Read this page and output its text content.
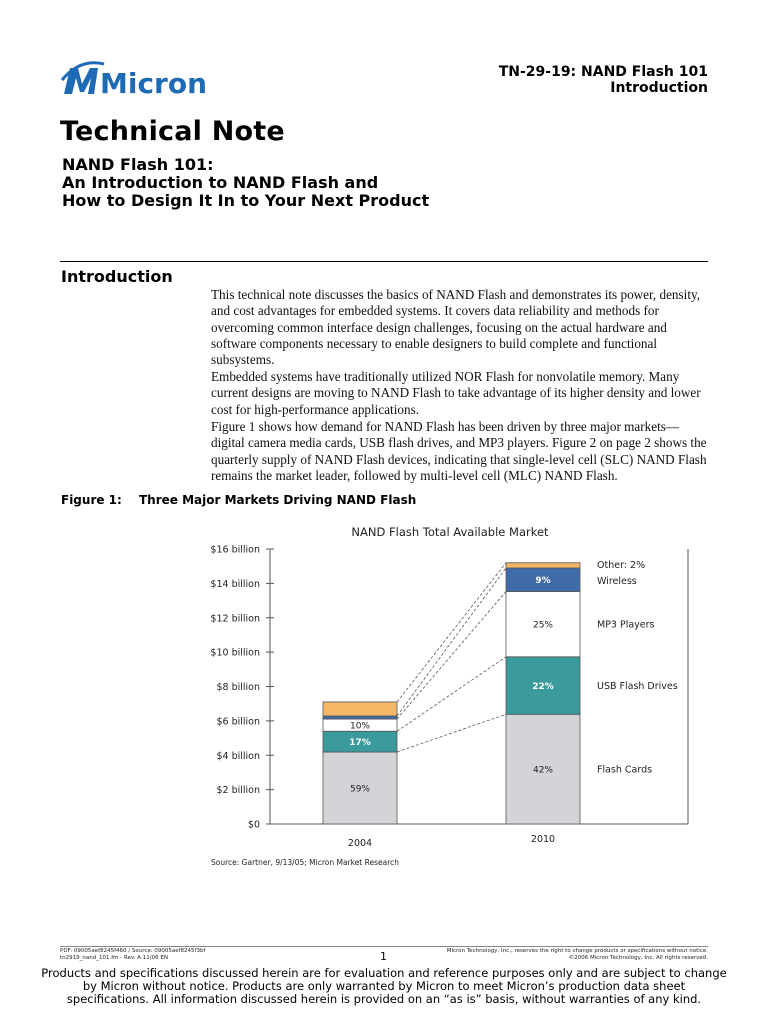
Micron	TN-29-19: NAND Flash 101
Introduction
Technical Note
NAND Flash 101:
An Introduction to NAND Flash and
How to Design It In to Your Next Product
Introduction
This technical note discusses the basics of NAND Flash and demonstrates its power, density, and cost advantages for embedded systems. It covers data reliability and methods for overcoming common interface design challenges, focusing on the actual hardware and software components necessary to enable designers to build complete and functional subsystems.
Embedded systems have traditionally utilized NOR Flash for nonvolatile memory. Many current designs are moving to NAND Flash to take advantage of its higher density and lower cost for high-performance applications.
Figure 1 shows how demand for NAND Flash has been driven by three major markets—digital camera media cards, USB flash drives, and MP3 players. Figure 2 on page 2 shows the quarterly supply of NAND Flash devices, indicating that single-level cell (SLC) NAND Flash remains the market leader, followed by multi-level cell (MLC) NAND Flash.
Figure 1: Three Major Markets Driving NAND Flash
NAND Flash Total Available Market
$0
$2 billion
$4 billion
$6 billion
$8 billion
$10 billion
$12 billion
$14 billion
$16 billion
59%
17%
10%
2004
42%
22%
25%
9%
2010
Flash Cards
USB Flash Drives
MP3 Players
Wireless
Other: 2%
Source: Gartner, 9/13/05; Micron Market Research
PDF: 09005aef8245f460 / Source: 09005aef8245f3bf
tn2919_nand_101.fm - Rev. A 11/06 EN	1	Micron Technology, Inc., reserves the right to change products or specifications without notice.
©2006 Micron Technology, Inc. All rights reserved.
Products and specifications discussed herein are for evaluation and reference purposes only and are subject to change by Micron without notice. Products are only warranted by Micron to meet Micron’s production data sheet specifications. All information discussed herein is provided on an “as is” basis, without warranties of any kind.
